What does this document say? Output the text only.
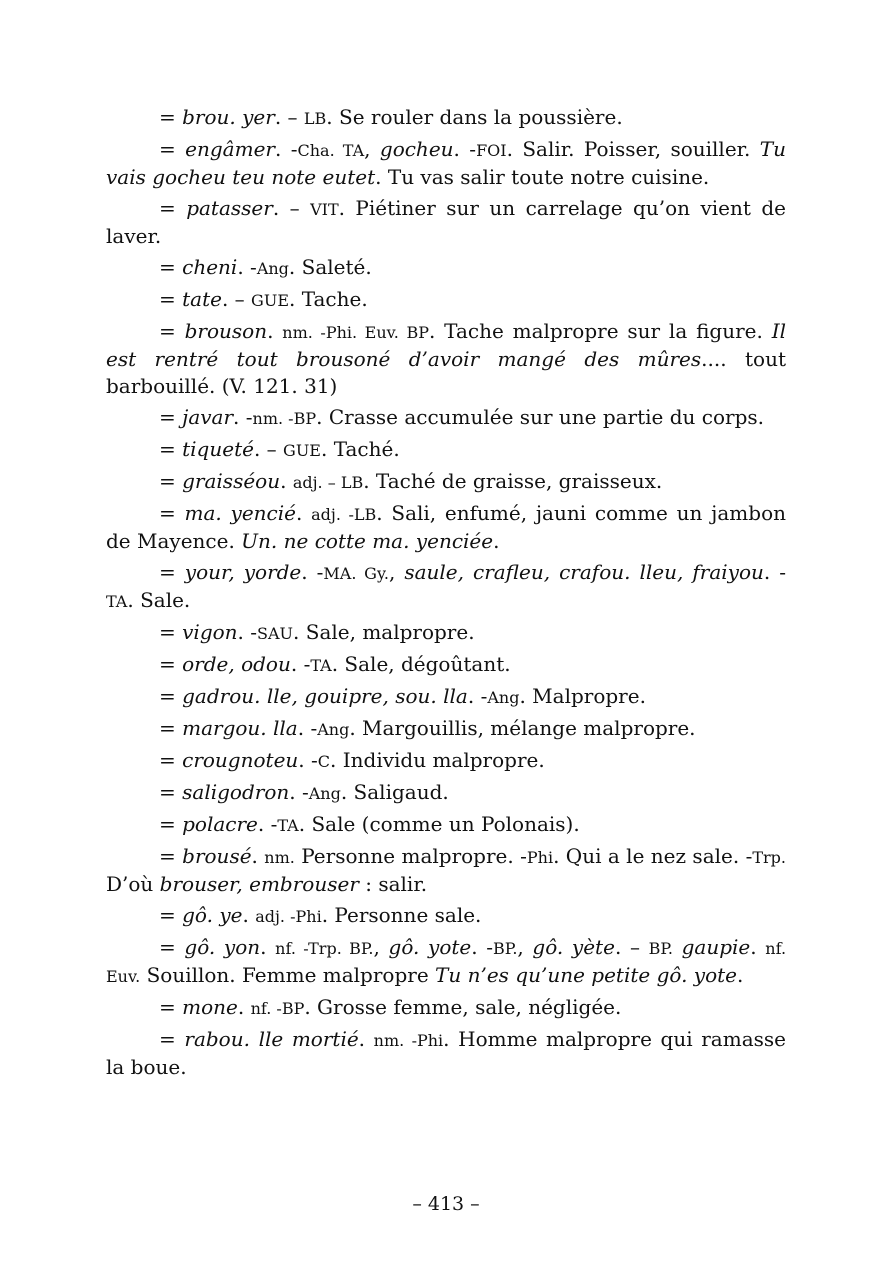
= brou. yer. – LB. Se rouler dans la poussière.

= engâmer. -Cha. TA, gocheu. -FOI. Salir. Poisser, souiller. Tu vais gocheu teu note eutet. Tu vas salir toute notre cuisine.

= patasser. – VIT. Piétiner sur un carrelage qu’on vient de laver.

= cheni. -Ang. Saleté.

= tate. – GUE. Tache.

= brouson. nm. -Phi. Euv. BP. Tache malpropre sur la figure. Il est rentré tout brousoné d’avoir mangé des mûres.... tout barbouillé. (V. 121. 31)

= javar. -nm. -BP. Crasse accumulée sur une partie du corps.

= tiqueté. – GUE. Taché.

= graisséou. adj. – LB. Taché de graisse, graisseux.

= ma. yencié. adj. -LB. Sali, enfumé, jauni comme un jambon de Mayence. Un. ne cotte ma. yenciée.

= your, yorde. -MA. Gy., saule, crafleu, crafou. lleu, fraiyou. -TA. Sale.

= vigon. -SAU. Sale, malpropre.

= orde, odou. -TA. Sale, dégoûtant.

= gadrou. lle, gouipre, sou. lla. -Ang. Malpropre.

= margou. lla. -Ang. Margouillis, mélange malpropre.

= crougnoteu. -C. Individu malpropre.

= saligodron. -Ang. Saligaud.

= polacre. -TA. Sale (comme un Polonais).

= brousé. nm. Personne malpropre. -Phi. Qui a le nez sale. -Trp. D’où brouser, embrouser : salir.

= gô. ye. adj. -Phi. Personne sale.

= gô. yon. nf. -Trp. BP., gô. yote. -BP., gô. yète. – BP. gaupie. nf. Euv. Souillon. Femme malpropre Tu n’es qu’une petite gô. yote.

= mone. nf. -BP. Grosse femme, sale, négligée.

= rabou. lle mortié. nm. -Phi. Homme malpropre qui ramasse la boue.

– 413 –
